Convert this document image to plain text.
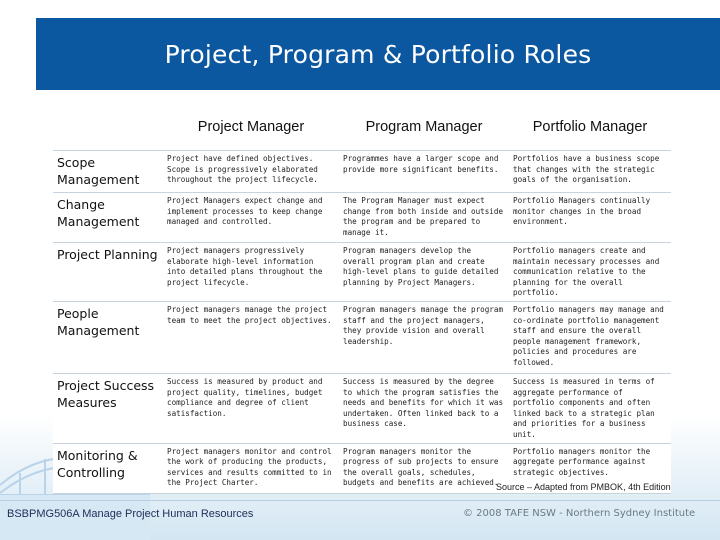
Project, Program & Portfolio Roles
	Project Manager	Program Manager	Portfolio Manager
Scope Management	Project have defined objectives. Scope is progressively elaborated throughout the project lifecycle.	Programmes have a larger scope and provide more significant benefits.	Portfolios have a business scope that changes with the strategic goals of the organisation.
Change Management	Project Managers expect change and implement processes to keep change managed and controlled.	The Program Manager must expect change from both inside and outside the program and be prepared to manage it.	Portfolio Managers continually monitor changes in the broad environment.
Project Planning	Project managers progressively elaborate high-level information into detailed plans throughout the project lifecycle.	Program managers develop the overall program plan and create high-level plans to guide detailed planning by Project Managers.	Portfolio managers create and maintain necessary processes and communication relative to the planning for the overall portfolio.
People Management	Project managers manage the project team to meet the project objectives.	Program managers manage the program staff and the project managers, they provide vision and overall leadership.	Portfolio managers may manage and co-ordinate portfolio management staff and ensure the overall people management framework, policies and procedures are followed.
Project Success Measures	Success is measured by product and project quality, timelines, budget compliance and degree of client satisfaction.	Success is measured by the degree to which the program satisfies the needs and benefits for which it was undertaken. Often linked back to a business case.	Success is measured in terms of aggregate performance of portfolio components and often linked back to a strategic plan and priorities for a business unit.
Monitoring & Controlling	Project managers monitor and control the work of producing the products, services and results committed to in the Project Charter.	Program managers monitor the progress of sub projects to ensure the overall goals, schedules, budgets and benefits are achieved.	Portfolio managers monitor the aggregate performance against strategic objectives.
Source – Adapted from PMBOK, 4th Edition
BSBPMG506A Manage Project Human Resources	© 2008 TAFE NSW - Northern Sydney Institute
